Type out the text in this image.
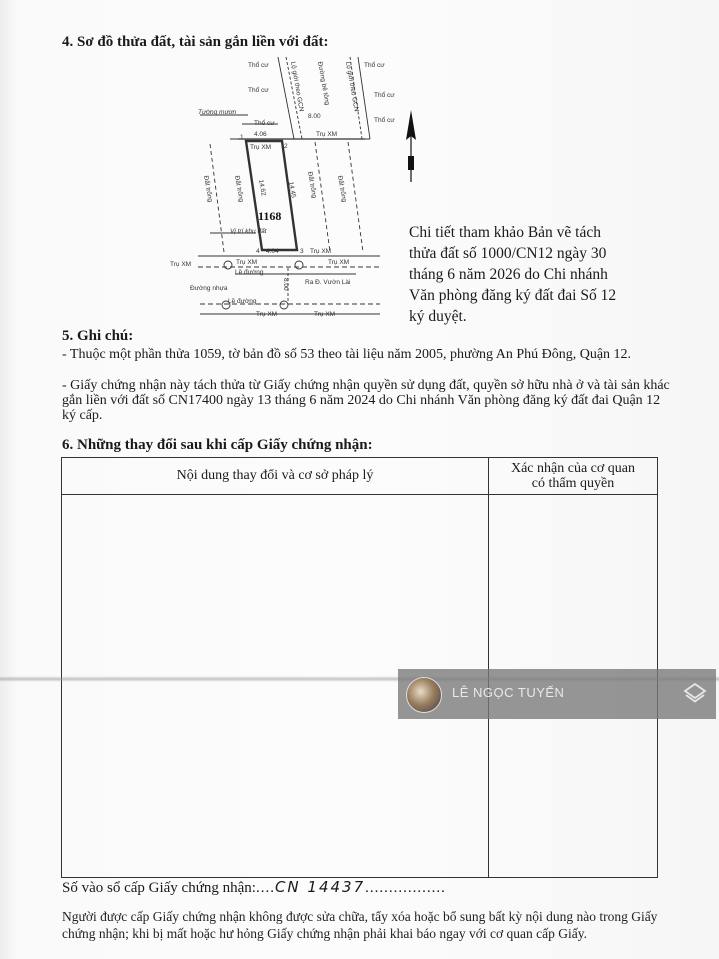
4. Sơ đồ thửa đất, tài sản gắn liền với đất:
Thổ cư
Thổ cư
Thổ cư
Thổ cư
Thổ cư	Thổ cư
Tường mượn
8.00
4.06	Trụ XM
Trụ XM
Vị trí khu đất
4.04	Trụ XM
Trụ XM	Trụ XM	Trụ XM
Lề đường
Ra Đ. Vườn Lài
Đường nhựa
Lề đường
Trụ XM	Trụ XM
1
2
3
4
Lộ giới theo GCN Đường bê tông Lộ giới theo GCN
Đất trống	Đất trống	14.62	14.45 Đất trống	Đất trống
8.00
1168
Chi tiết tham khảo Bản vẽ tách thửa đất số 1000/CN12 ngày 30 tháng 6 năm 2026 do Chi nhánh Văn phòng đăng ký đất đai Số 12 ký duyệt.
5. Ghi chú:
- Thuộc một phần thửa 1059, tờ bản đồ số 53 theo tài liệu năm 2005, phường An Phú Đông, Quận 12.
- Giấy chứng nhận này tách thửa từ Giấy chứng nhận quyền sử dụng đất, quyền sở hữu nhà ở và tài sản khác gắn liền với đất số CN17400 ngày 13 tháng 6 năm 2024 do Chi nhánh Văn phòng đăng ký đất đai Quận 12 ký cấp.
6. Những thay đổi sau khi cấp Giấy chứng nhận:
Nội dung thay đổi và cơ sở pháp lý	Xác nhận của cơ quan
có thẩm quyền

LÊ NGỌC TUYẾN
Số vào sổ cấp Giấy chứng nhận:....CN 14437.................
Người được cấp Giấy chứng nhận không được sửa chữa, tẩy xóa hoặc bổ sung bất kỳ nội dung nào trong Giấy chứng nhận; khi bị mất hoặc hư hỏng Giấy chứng nhận phải khai báo ngay với cơ quan cấp Giấy.
